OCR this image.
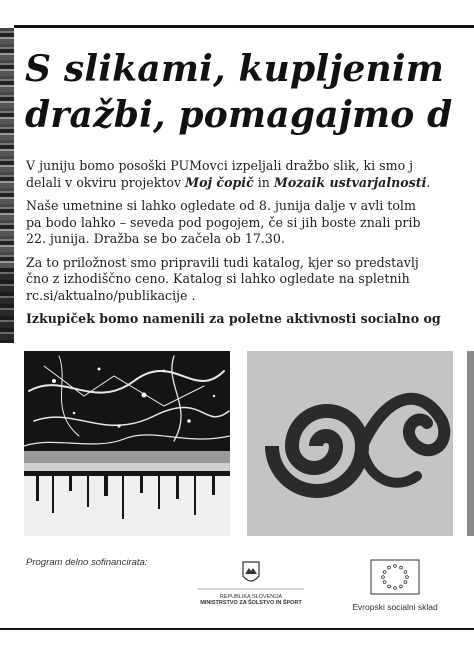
S slikami, kupljenim
dražbi, pomagajmo d

V juniju bomo posoški PUMovci izpeljali dražbo slik, ki smo j
delali v okviru projektov Moj čopič in Mozaik ustvarjalnosti.

Naše umetnine si lahko ogledate od 8. junija dalje v avli tolm
pa bodo lahko – seveda pod pogojem, če si jih boste znali prib
22. junija. Dražba se bo začela ob 17.30.

Za to priložnost smo pripravili tudi katalog, kjer so predstavlj
čno z izhodiščno ceno. Katalog si lahko ogledate na spletnih
rc.si/aktualno/publikacije .

Izkupiček bomo namenili za poletne aktivnosti socialno og

Program delno sofinancirata:
REPUBLIKA SLOVENIJA
MINISTRSTVO ZA ŠOLSTVO IN ŠPORT	Evropski socialni sklad
